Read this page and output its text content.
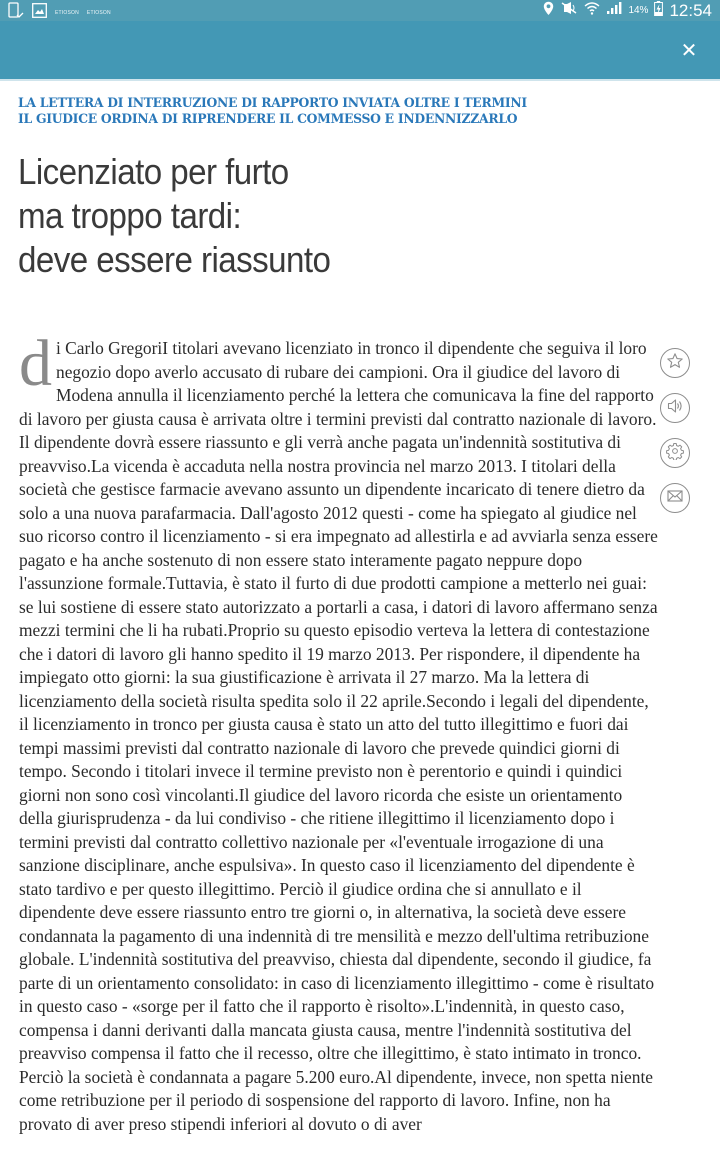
ETIOSON ETIOSON	14% 12:54
✕
LA LETTERA DI INTERRUZIONE DI RAPPORTO INVIATA OLTRE I TERMINI
IL GIUDICE ORDINA DI RIPRENDERE IL COMMESSO E INDENNIZZARLO
Licenziato per furto
ma troppo tardi:
deve essere riassunto
d i Carlo GregoriI titolari avevano licenziato in tronco il dipendente che seguiva il loro negozio dopo averlo accusato di rubare dei campioni. Ora il giudice del lavoro di Modena annulla il licenziamento perché la lettera che comunicava la fine del rapporto di lavoro per giusta causa è arrivata oltre i termini previsti dal contratto nazionale di lavoro. Il dipendente dovrà essere riassunto e gli verrà anche pagata un'indennità sostitutiva di preavviso.La vicenda è accaduta nella nostra provincia nel marzo 2013. I titolari della società che gestisce farmacie avevano assunto un dipendente incaricato di tenere dietro da solo a una nuova parafarmacia. Dall'agosto 2012 questi - come ha spiegato al giudice nel suo ricorso contro il licenziamento - si era impegnato ad allestirla e ad avviarla senza essere pagato e ha anche sostenuto di non essere stato interamente pagato neppure dopo l'assunzione formale.Tuttavia, è stato il furto di due prodotti campione a metterlo nei guai: se lui sostiene di essere stato autorizzato a portarli a casa, i datori di lavoro affermano senza mezzi termini che li ha rubati.Proprio su questo episodio verteva la lettera di contestazione che i datori di lavoro gli hanno spedito il 19 marzo 2013. Per rispondere, il dipendente ha impiegato otto giorni: la sua giustificazione è arrivata il 27 marzo. Ma la lettera di licenziamento della società risulta spedita solo il 22 aprile.Secondo i legali del dipendente, il licenziamento in tronco per giusta causa è stato un atto del tutto illegittimo e fuori dai tempi massimi previsti dal contratto nazionale di lavoro che prevede quindici giorni di tempo. Secondo i titolari invece il termine previsto non è perentorio e quindi i quindici giorni non sono così vincolanti.Il giudice del lavoro ricorda che esiste un orientamento della giurisprudenza - da lui condiviso - che ritiene illegittimo il licenziamento dopo i termini previsti dal contratto collettivo nazionale per «l'eventuale irrogazione di una sanzione disciplinare, anche espulsiva». In questo caso il licenziamento del dipendente è stato tardivo e per questo illegittimo. Perciò il giudice ordina che si annullato e il dipendente deve essere riassunto entro tre giorni o, in alternativa, la società deve essere condannata la pagamento di una indennità di tre mensilità e mezzo dell'ultima retribuzione globale. L'indennità sostitutiva del preavviso, chiesta dal dipendente, secondo il giudice, fa parte di un orientamento consolidato: in caso di licenziamento illegittimo - come è risultato in questo caso - «sorge per il fatto che il rapporto è risolto».L'indennità, in questo caso, compensa i danni derivanti dalla mancata giusta causa, mentre l'indennità sostitutiva del preavviso compensa il fatto che il recesso, oltre che illegittimo, è stato intimato in tronco. Perciò la società è condannata a pagare 5.200 euro.Al dipendente, invece, non spetta niente come retribuzione per il periodo di sospensione del rapporto di lavoro. Infine, non ha provato di aver preso stipendi inferiori al dovuto o di aver
